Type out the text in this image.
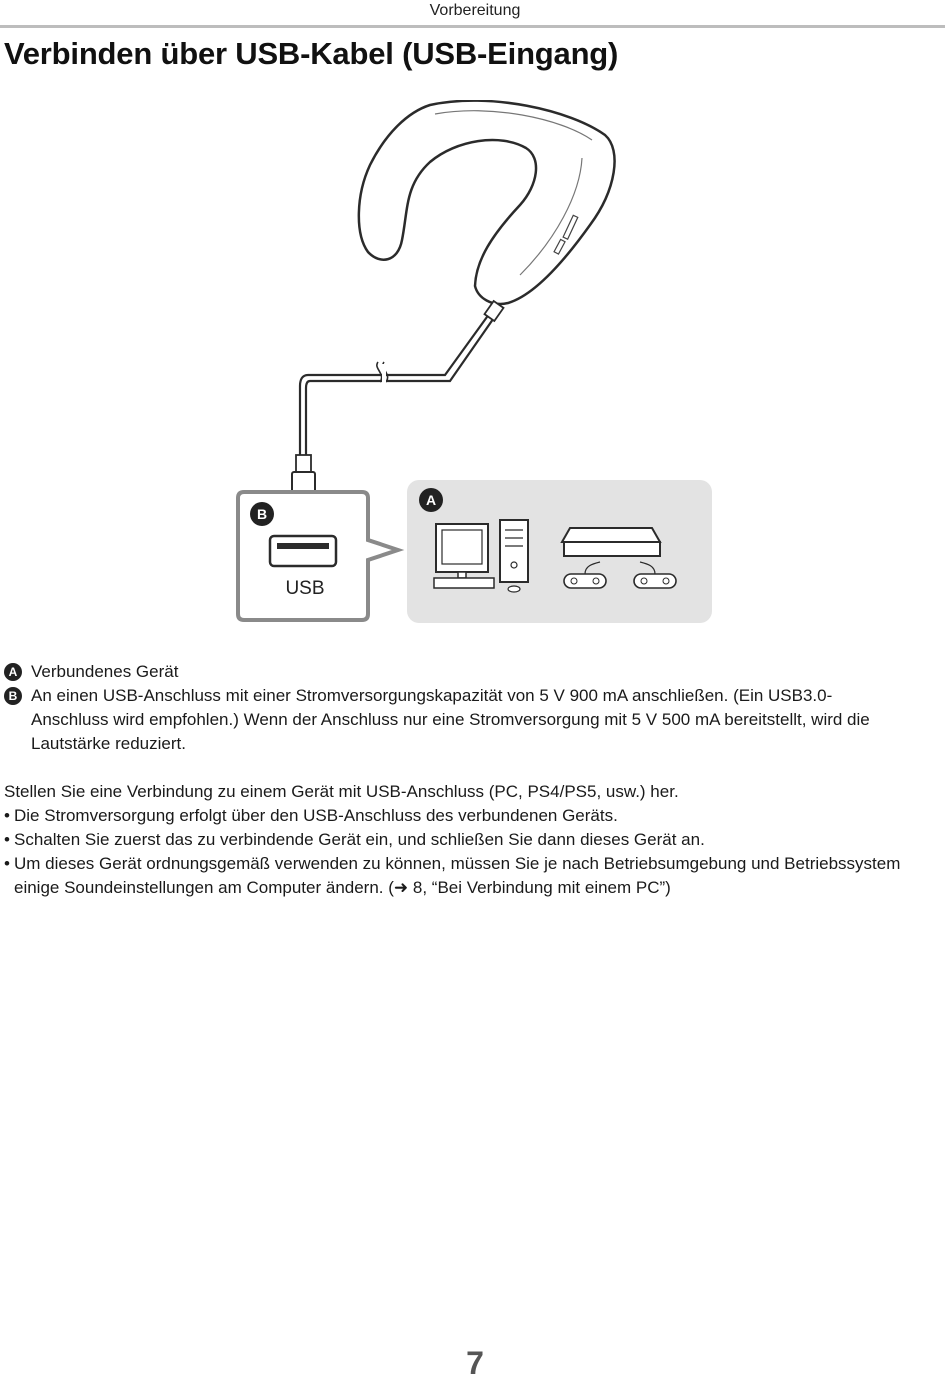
Vorbereitung
Verbinden über USB-Kabel (USB-Eingang)
B
USB
A
A Verbundenes Gerät
B An einen USB-Anschluss mit einer Stromversorgungskapazität von 5 V 900 mA anschließen. (Ein USB3.0-Anschluss wird empfohlen.) Wenn der Anschluss nur eine Stromversorgung mit 5 V 500 mA bereitstellt, wird die Lautstärke reduziert.

Stellen Sie eine Verbindung zu einem Gerät mit USB-Anschluss (PC, PS4/PS5, usw.) her.

• Die Stromversorgung erfolgt über den USB-Anschluss des verbundenen Geräts.
• Schalten Sie zuerst das zu verbindende Gerät ein, und schließen Sie dann dieses Gerät an.
• Um dieses Gerät ordnungsgemäß verwenden zu können, müssen Sie je nach Betriebsumgebung und Betriebssystem einige Soundeinstellungen am Computer ändern. (➜ 8, “Bei Verbindung mit einem PC”)
7
